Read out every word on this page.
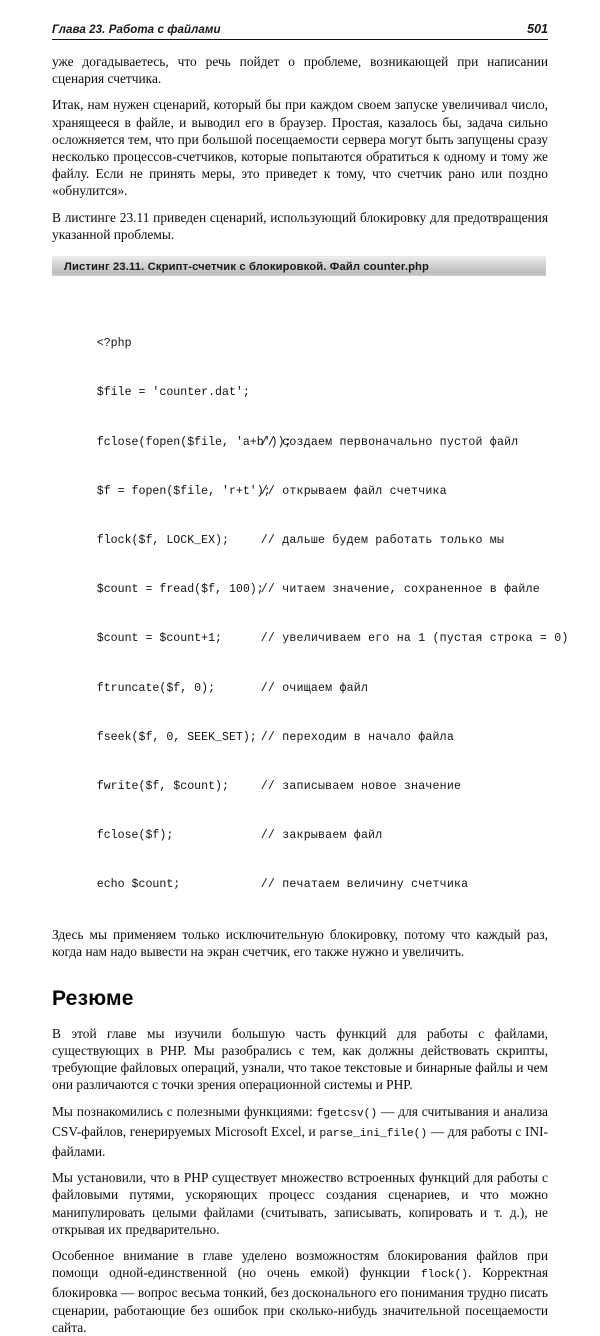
Глава 23. Работа с файлами	501

уже догадываетесь, что речь пойдет о проблеме, возникающей при написании сценария счетчика.

Итак, нам нужен сценарий, который бы при каждом своем запуске увеличивал число, хранящееся в файле, и выводил его в браузер. Простая, казалось бы, задача сильно осложняется тем, что при большой посещаемости сервера могут быть запущены сразу несколько процессов-счетчиков, которые попытаются обратиться к одному и тому же файлу. Если не принять меры, это приведет к тому, что счетчик рано или поздно «обнулится».

В листинге 23.11 приведен сценарий, использующий блокировку для предотвращения указанной проблемы.

Листинг 23.11. Скрипт-счетчик с блокировкой. Файл counter.php

<?php

$file = 'counter.dat';

fclose(fopen($file, 'a+b'));// создаем первоначально пустой файл

$f = fopen($file, 'r+t');// открываем файл счетчика

flock($f, LOCK_EX);	// дальше будем работать только мы

$count = fread($f, 100);// читаем значение, сохраненное в файле

$count = $count+1;	// увеличиваем его на 1 (пустая строка = 0)

ftruncate($f, 0);	// очищаем файл

fseek($f, 0, SEEK_SET); // переходим в начало файла

fwrite($f, $count);	// записываем новое значение

fclose($f);	// закрываем файл

echo $count;	// печатаем величину счетчика

Здесь мы применяем только исключительную блокировку, потому что каждый раз, когда нам надо вывести на экран счетчик, его также нужно и увеличить.

Резюме

В этой главе мы изучили большую часть функций для работы с файлами, существующих в PHP. Мы разобрались с тем, как должны действовать скрипты, требующие файловых операций, узнали, что такое текстовые и бинарные файлы и чем они различаются с точки зрения операционной системы и PHP.

Мы познакомились с полезными функциями: fgetcsv() — для считывания и анализа CSV-файлов, генерируемых Microsoft Excel, и parse_ini_file() — для работы с INI-файлами.

Мы установили, что в PHP существует множество встроенных функций для работы с файловыми путями, ускоряющих процесс создания сценариев, и что можно манипулировать целыми файлами (считывать, записывать, копировать и т. д.), не открывая их предварительно.

Особенное внимание в главе уделено возможностям блокирования файлов при помощи одной-единственной (но очень емкой) функции flock(). Корректная блокировка — вопрос весьма тонкий, без досконального его понимания трудно писать сценарии, работающие без ошибок при сколько-нибудь значительной посещаемости сайта.
